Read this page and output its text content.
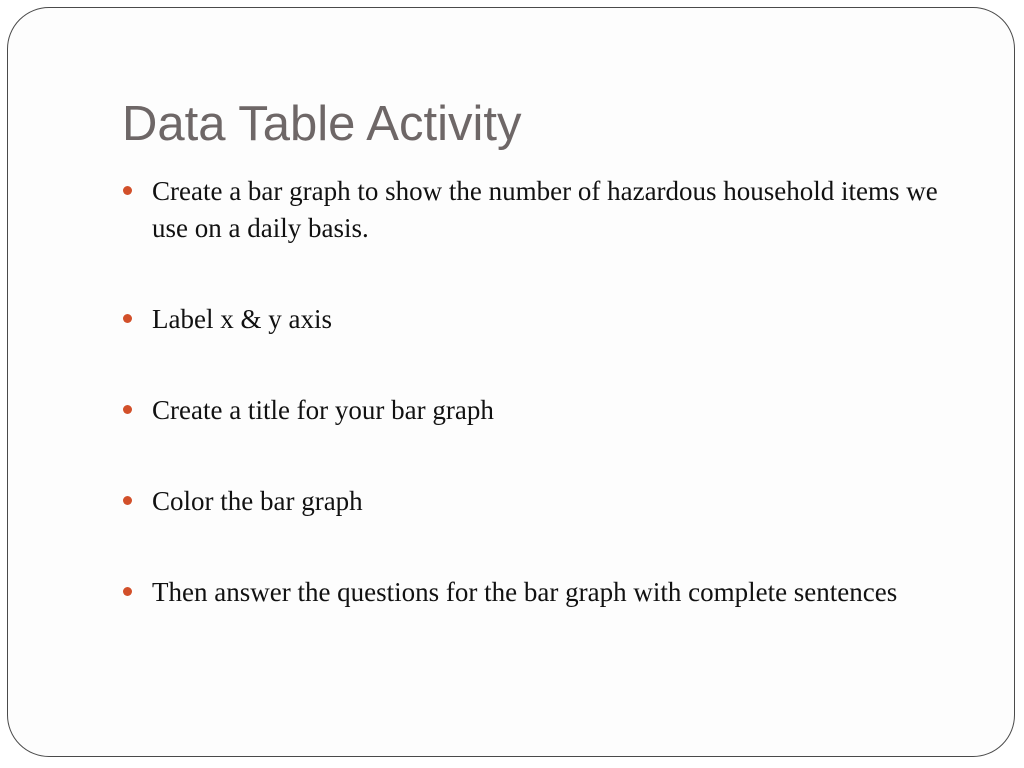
Data Table Activity
Create a bar graph to show the number of hazardous household items we use on a daily basis.
Label x & y axis
Create a title for your bar graph
Color the bar graph
Then answer the questions for the bar graph with complete sentences
